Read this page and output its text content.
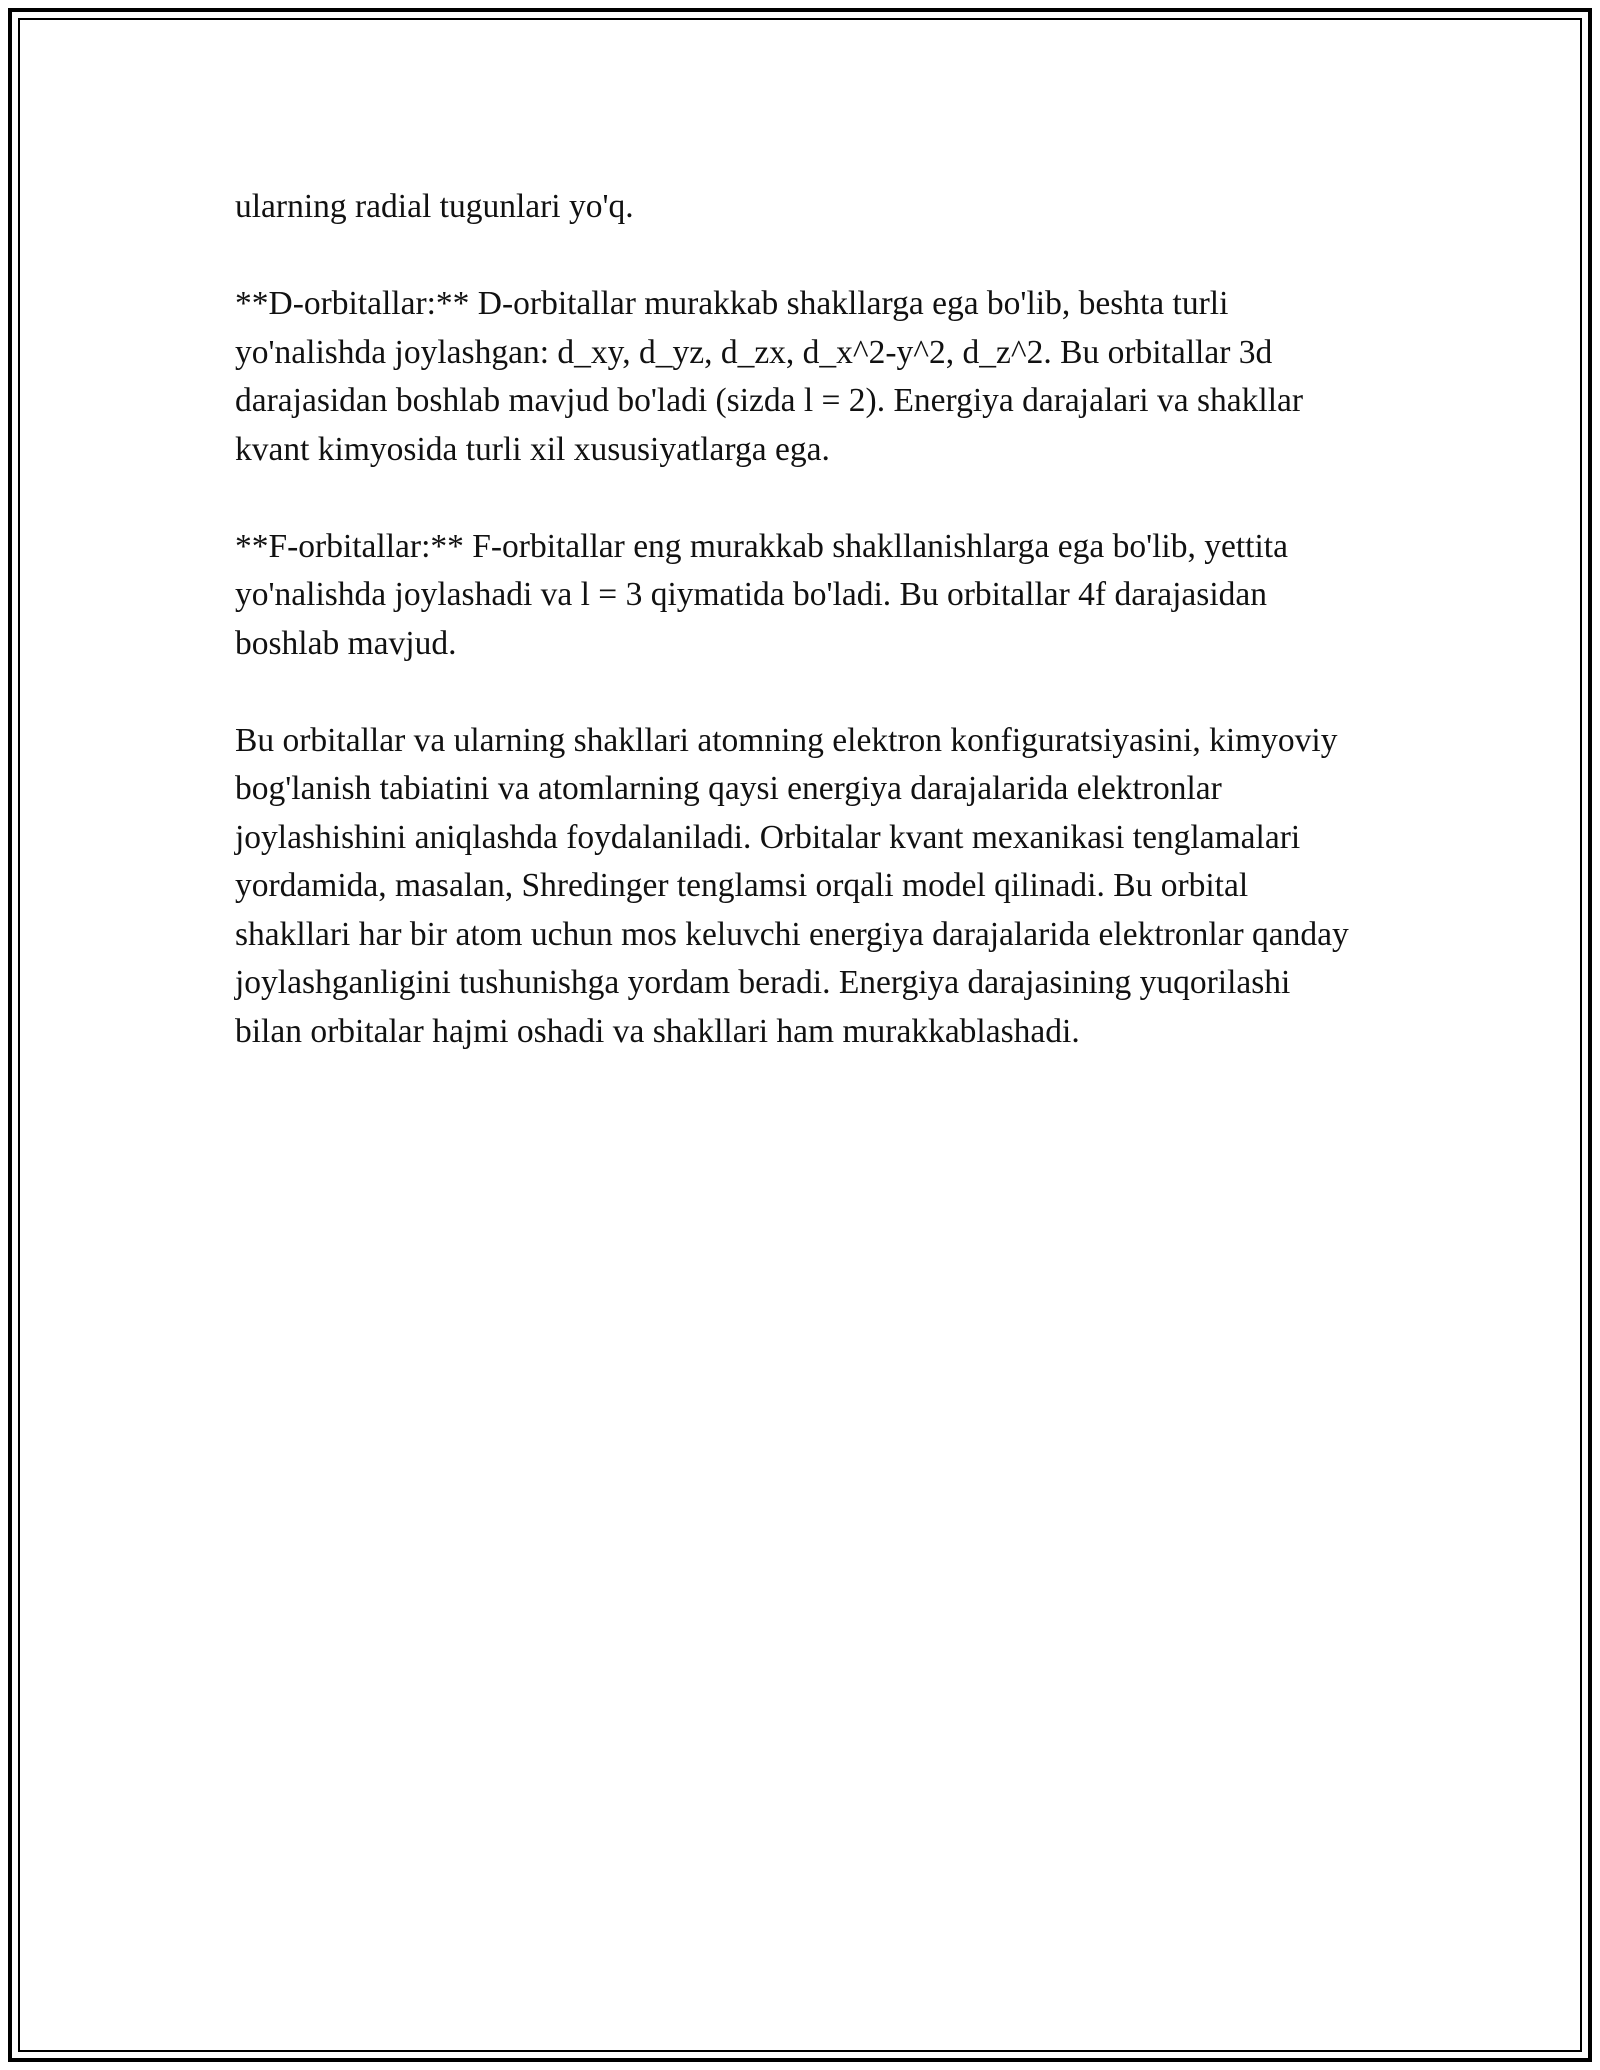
ularning radial tugunlari yo'q.

**D-orbitallar:** D-orbitallar murakkab shakllarga ega bo'lib, beshta turli yo'nalishda joylashgan: d_xy, d_yz, d_zx, d_x^2-y^2, d_z^2. Bu orbitallar 3d darajasidan boshlab mavjud bo'ladi (sizda l = 2). Energiya darajalari va shakllar kvant kimyosida turli xil xususiyatlarga ega.

**F-orbitallar:** F-orbitallar eng murakkab shakllanishlarga ega bo'lib, yettita yo'nalishda joylashadi va l = 3 qiymatida bo'ladi. Bu orbitallar 4f darajasidan boshlab mavjud.

Bu orbitallar va ularning shakllari atomning elektron konfiguratsiyasini, kimyoviy bog'lanish tabiatini va atomlarning qaysi energiya darajalarida elektronlar joylashishini aniqlashda foydalaniladi. Orbitalar kvant mexanikasi tenglamalari yordamida, masalan, Shredinger tenglamsi orqali model qilinadi. Bu orbital shakllari har bir atom uchun mos keluvchi energiya darajalarida elektronlar qanday joylashganligini tushunishga yordam beradi. Energiya darajasining yuqorilashi bilan orbitalar hajmi oshadi va shakllari ham murakkablashadi.
